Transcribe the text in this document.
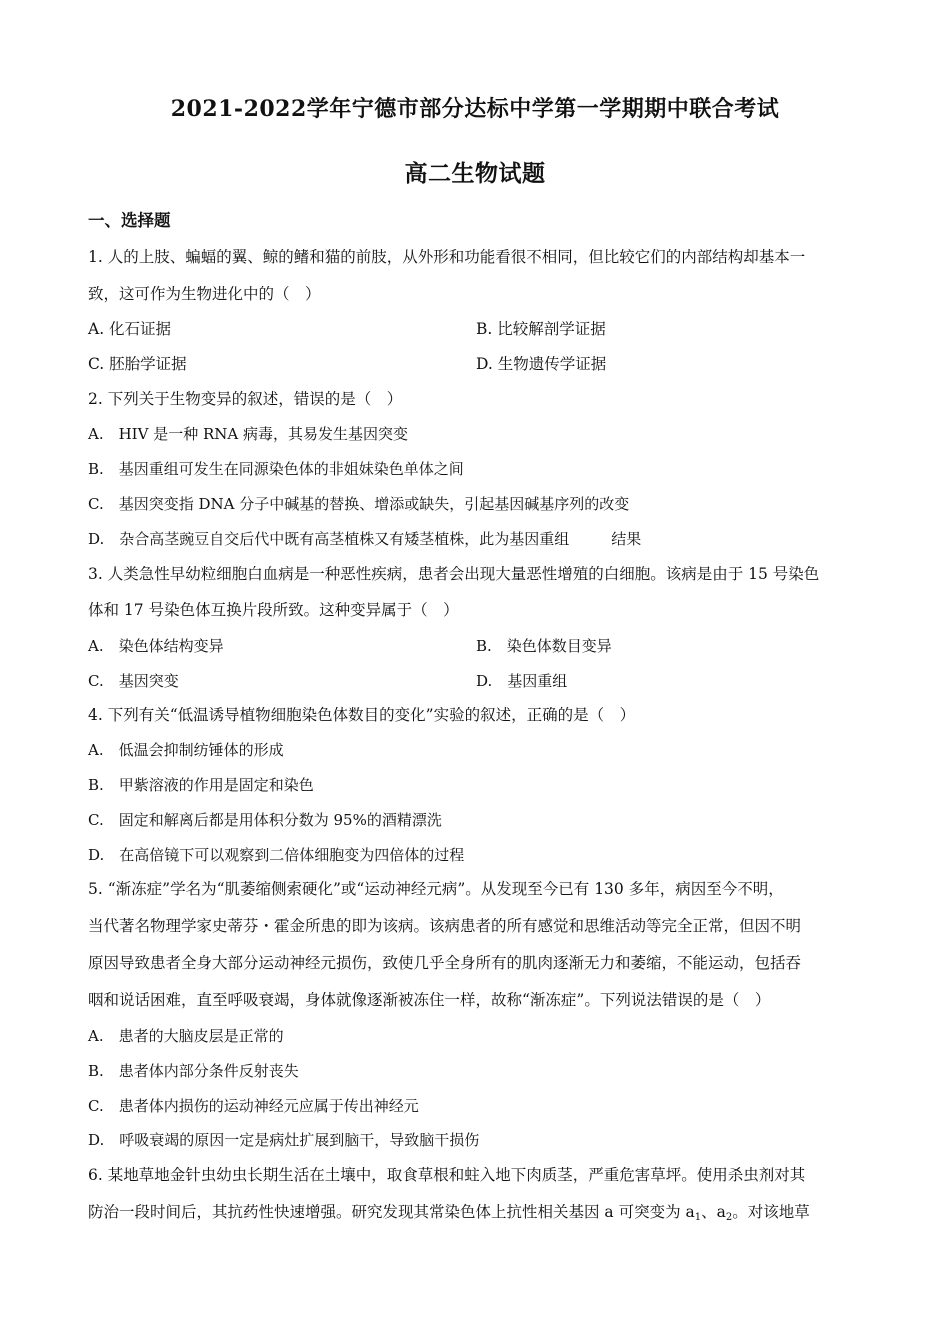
2021-2022学年宁德市部分达标中学第一学期期中联合考试
高二生物试题
一、选择题
1. 人的上肢、蝙蝠的翼、鲸的鳍和猫的前肢，从外形和功能看很不相同，但比较它们的内部结构却基本一
致，这可作为生物进化中的（　）
A. 化石证据	B. 比较解剖学证据
C. 胚胎学证据	D. 生物遗传学证据
2. 下列关于生物变异的叙述，错误的是（　）
A.　HIV 是一种 RNA 病毒，其易发生基因突变
B.　基因重组可发生在同源染色体的非姐妹染色单体之间
C.　基因突变指 DNA 分子中碱基的替换、增添或缺失，引起基因碱基序列的改变
D.　杂合高茎豌豆自交后代中既有高茎植株又有矮茎植株，此为基因重组	结果
3. 人类急性早幼粒细胞白血病是一种恶性疾病，患者会出现大量恶性增殖的白细胞。该病是由于 15 号染色
体和 17 号染色体互换片段所致。这种变异属于（　）
A.　染色体结构变异	B.　染色体数目变异
C.　基因突变	D.　基因重组
4. 下列有关“低温诱导植物细胞染色体数目的变化”实验的叙述，正确的是（　）
A.　低温会抑制纺锤体的形成
B.　甲紫溶液的作用是固定和染色
C.　固定和解离后都是用体积分数为 95%的酒精漂洗
D.　在高倍镜下可以观察到二倍体细胞变为四倍体的过程
5. “渐冻症”学名为“肌萎缩侧索硬化”或“运动神经元病”。从发现至今已有 130 多年，病因至今不明，
当代著名物理学家史蒂芬・霍金所患的即为该病。该病患者的所有感觉和思维活动等完全正常，但因不明
原因导致患者全身大部分运动神经元损伤，致使几乎全身所有的肌肉逐渐无力和萎缩，不能运动，包括吞
咽和说话困难，直至呼吸衰竭，身体就像逐渐被冻住一样，故称“渐冻症”。下列说法错误的是（　）
A.　患者的大脑皮层是正常的
B.　患者体内部分条件反射丧失
C.　患者体内损伤的运动神经元应属于传出神经元
D.　呼吸衰竭的原因一定是病灶扩展到脑干，导致脑干损伤
6. 某地草地金针虫幼虫长期生活在土壤中，取食草根和蛀入地下肉质茎，严重危害草坪。使用杀虫剂对其
防治一段时间后，其抗药性快速增强。研究发现其常染色体上抗性相关基因 a 可突变为 $a_1$、$a_2$。对该地草
